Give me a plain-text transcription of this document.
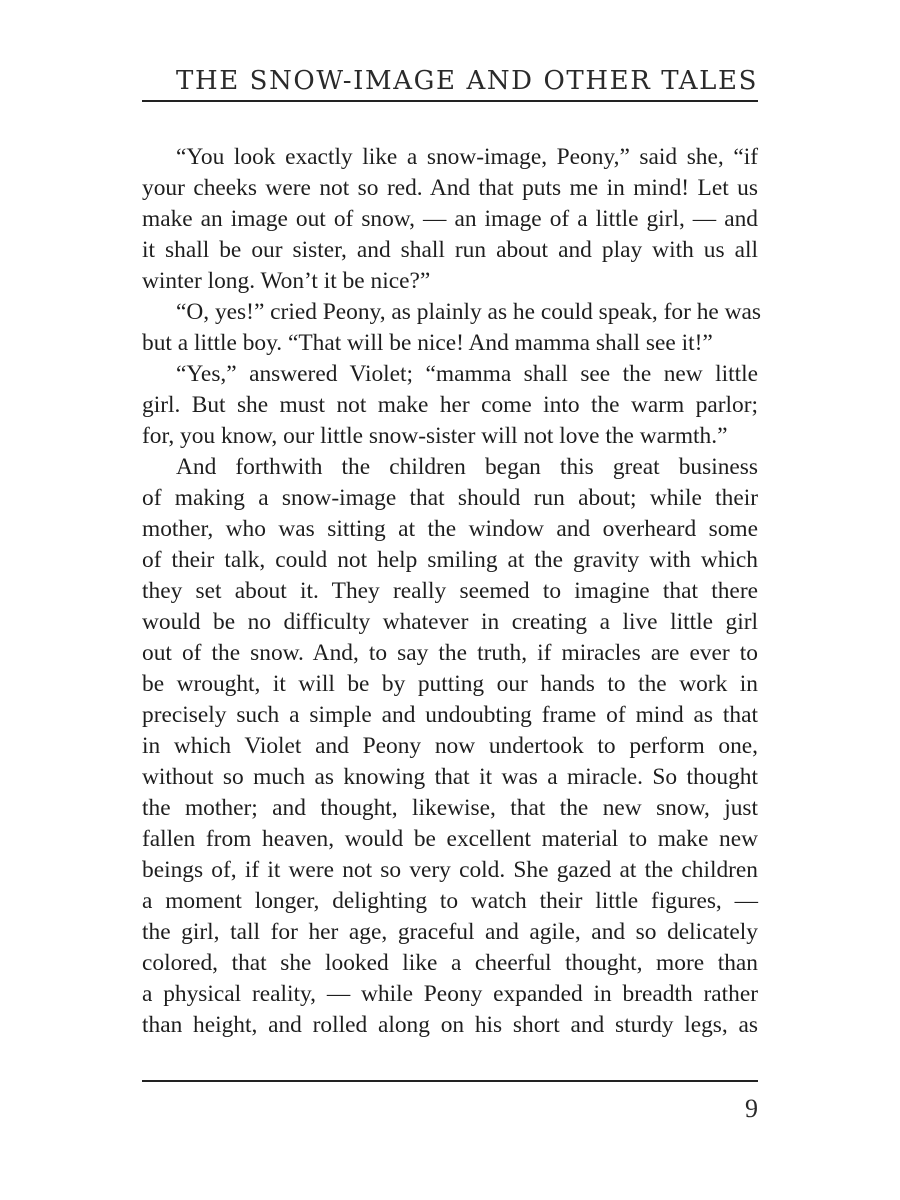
THE SNOW-IMAGE AND OTHER TALES
“You look exactly like a snow-image, Peony,” said she, “if
your cheeks were not so red. And that puts me in mind! Let us
make an image out of snow, — an image of a little girl, — and
it shall be our sister, and shall run about and play with us all
winter long. Won’t it be nice?”
“O, yes!” cried Peony, as plainly as he could speak, for he was
but a little boy. “That will be nice! And mamma shall see it!”
“Yes,” answered Violet; “mamma shall see the new little
girl. But she must not make her come into the warm parlor;
for, you know, our little snow-sister will not love the warmth.”
And forthwith the children began this great business
of making a snow-image that should run about; while their
mother, who was sitting at the window and overheard some
of their talk, could not help smiling at the gravity with which
they set about it. They really seemed to imagine that there
would be no difficulty whatever in creating a live little girl
out of the snow. And, to say the truth, if miracles are ever to
be wrought, it will be by putting our hands to the work in
precisely such a simple and undoubting frame of mind as that
in which Violet and Peony now undertook to perform one,
without so much as knowing that it was a miracle. So thought
the mother; and thought, likewise, that the new snow, just
fallen from heaven, would be excellent material to make new
beings of, if it were not so very cold. She gazed at the children
a moment longer, delighting to watch their little figures, —
the girl, tall for her age, graceful and agile, and so delicately
colored, that she looked like a cheerful thought, more than
a physical reality, — while Peony expanded in breadth rather
than height, and rolled along on his short and sturdy legs, as
9
